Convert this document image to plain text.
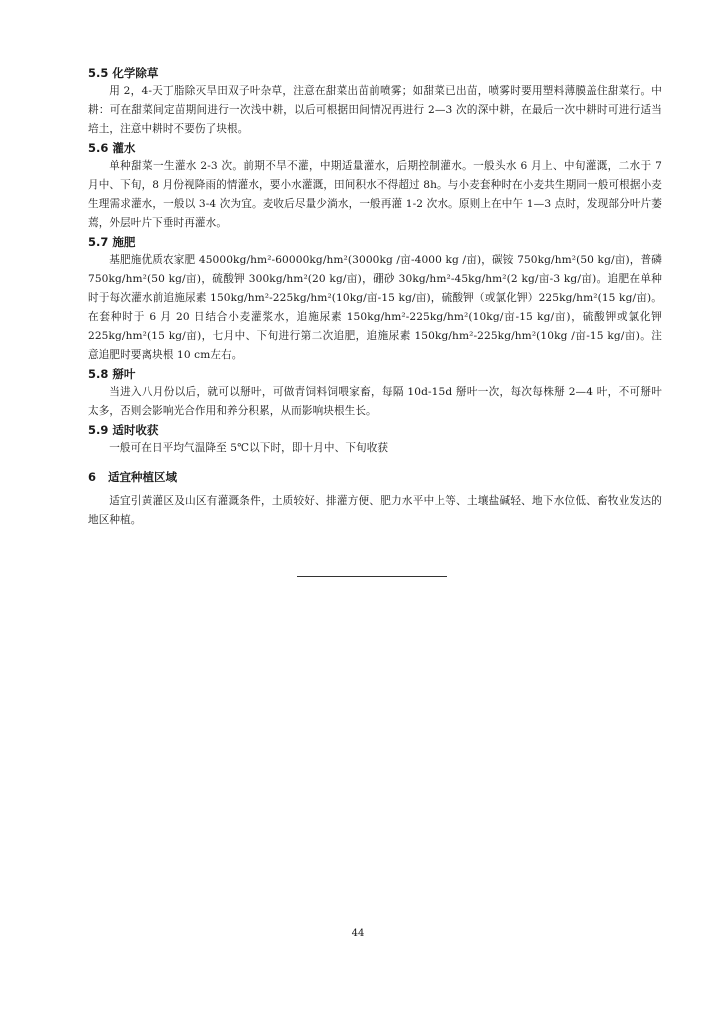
5.5 化学除草

用 2，4-天丁脂除灭旱田双子叶杂草，注意在甜菜出苗前喷雾；如甜菜已出苗，喷雾时要用塑料薄膜盖住甜菜行。中耕：可在甜菜间定苗期间进行一次浅中耕，以后可根据田间情况再进行 2—3 次的深中耕，在最后一次中耕时可进行适当培土，注意中耕时不要伤了块根。

5.6 灌水

单种甜菜一生灌水 2-3 次。前期不旱不灌，中期适量灌水，后期控制灌水。一般头水 6 月上、中旬灌溉，二水于 7 月中、下旬，8 月份视降雨的情灌水，要小水灌溉，田间积水不得超过 8h。与小麦套种时在小麦共生期同一般可根据小麦生理需求灌水，一般以 3-4 次为宜。麦收后尽量少淌水，一般再灌 1-2 次水。原则上在中午 1—3 点时，发现部分叶片萎蔫，外层叶片下垂时再灌水。

5.7 施肥

基肥施优质农家肥 45000kg/hm²-60000kg/hm²(3000kg /亩-4000 kg /亩)，碳铵 750kg/hm²(50 kg/亩)，普磷 750kg/hm²(50 kg/亩)，硫酸钾 300kg/hm²(20 kg/亩)，硼砂 30kg/hm²-45kg/hm²(2 kg/亩-3 kg/亩)。追肥在单种时于每次灌水前追施尿素 150kg/hm²-225kg/hm²(10kg/亩-15 kg/亩)，硫酸钾（或氯化钾）225kg/hm²(15 kg/亩)。在套种时于 6 月 20 日结合小麦灌浆水，追施尿素 150kg/hm²-225kg/hm²(10kg/亩-15 kg/亩)，硫酸钾或氯化钾 225kg/hm²(15 kg/亩)，七月中、下旬进行第二次追肥，追施尿素 150kg/hm²-225kg/hm²(10kg /亩-15 kg/亩)。注意追肥时要离块根 10 cm左右。

5.8 掰叶

当进入八月份以后，就可以掰叶，可做青饲料饲喂家畜，每隔 10d-15d 掰叶一次，每次每株掰 2—4 叶，不可掰叶太多，否则会影响光合作用和养分积累，从而影响块根生长。

5.9 适时收获

一般可在日平均气温降至 5℃以下时，即十月中、下旬收获

6 适宜种植区域

适宜引黄灌区及山区有灌溉条件，土质较好、排灌方便、肥力水平中上等、土壤盐碱轻、地下水位低、畜牧业发达的地区种植。

44
